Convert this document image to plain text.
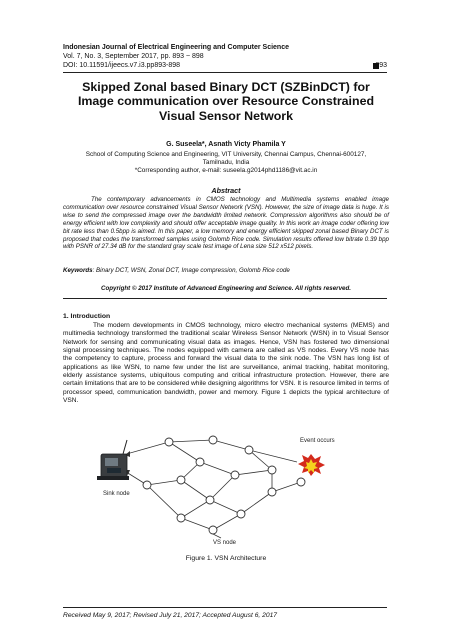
Indonesian Journal of Electrical Engineering and Computer Science
Vol. 7, No. 3, September 2017, pp. 893 ~ 898
DOI: 10.11591/ijeecs.v7.i3.pp893-898	893
Skipped Zonal based Binary DCT (SZBinDCT) for Image communication over Resource Constrained Visual Sensor Network
G. Suseela*, Asnath Victy Phamila Y
School of Computing Science and Engineering, VIT University, Chennai Campus, Chennai-600127,
Tamilnadu, India
*Corresponding author, e-mail: suseela.g2014phd1186@vit.ac.in
Abstract
The contemporary advancements in CMOS technology and Multimedia systems enabled image communication over resource constrained Visual Sensor Network (VSN). However, the size of image data is huge. It is wise to send the compressed image over the bandwidth limited network. Compression algorithms also should be of energy efficient with low complexity and should offer acceptable image quality. In this work an image coder offering low bit rate less than 0.5bpp is aimed. In this paper, a low memory and energy efficient skipped zonal based Binary DCT is proposed that codes the transformed samples using Golomb Rice code. Simulation results offered low bitrate 0.39 bpp with PSNR of 27.34 dB for the standard gray scale test image of Lena size 512 x512 pixels.
Keywords: Binary DCT, WSN, Zonal DCT, Image compression, Golomb Rice code
Copyright © 2017 Institute of Advanced Engineering and Science. All rights reserved.
1. Introduction
The modern developments in CMOS technology, micro electro mechanical systems (MEMS) and multimedia technology transformed the traditional scalar Wireless Sensor Network (WSN) in to Visual Sensor Network for sensing and communicating visual data as images. Hence, VSN has fostered two dimensional signal processing techniques. The nodes equipped with camera are called as VS nodes. Every VS node has the competency to capture, process and forward the visual data to the sink node. The VSN has long list of applications as like WSN, to name few under the list are surveillance, animal tracking, habitat monitoring, elderly assistance systems, ubiquitous computing and critical infrastructure protection. However, there are certain limitations that are to be considered while designing algorithms for VSN. It is resource limited in terms of processor speed, communication bandwidth, power and memory. Figure 1 depicts the typical architecture of VSN.
Event occurs
Sink node
VS node
Figure 1. VSN Architecture
Received May 9, 2017; Revised July 21, 2017; Accepted August 6, 2017
